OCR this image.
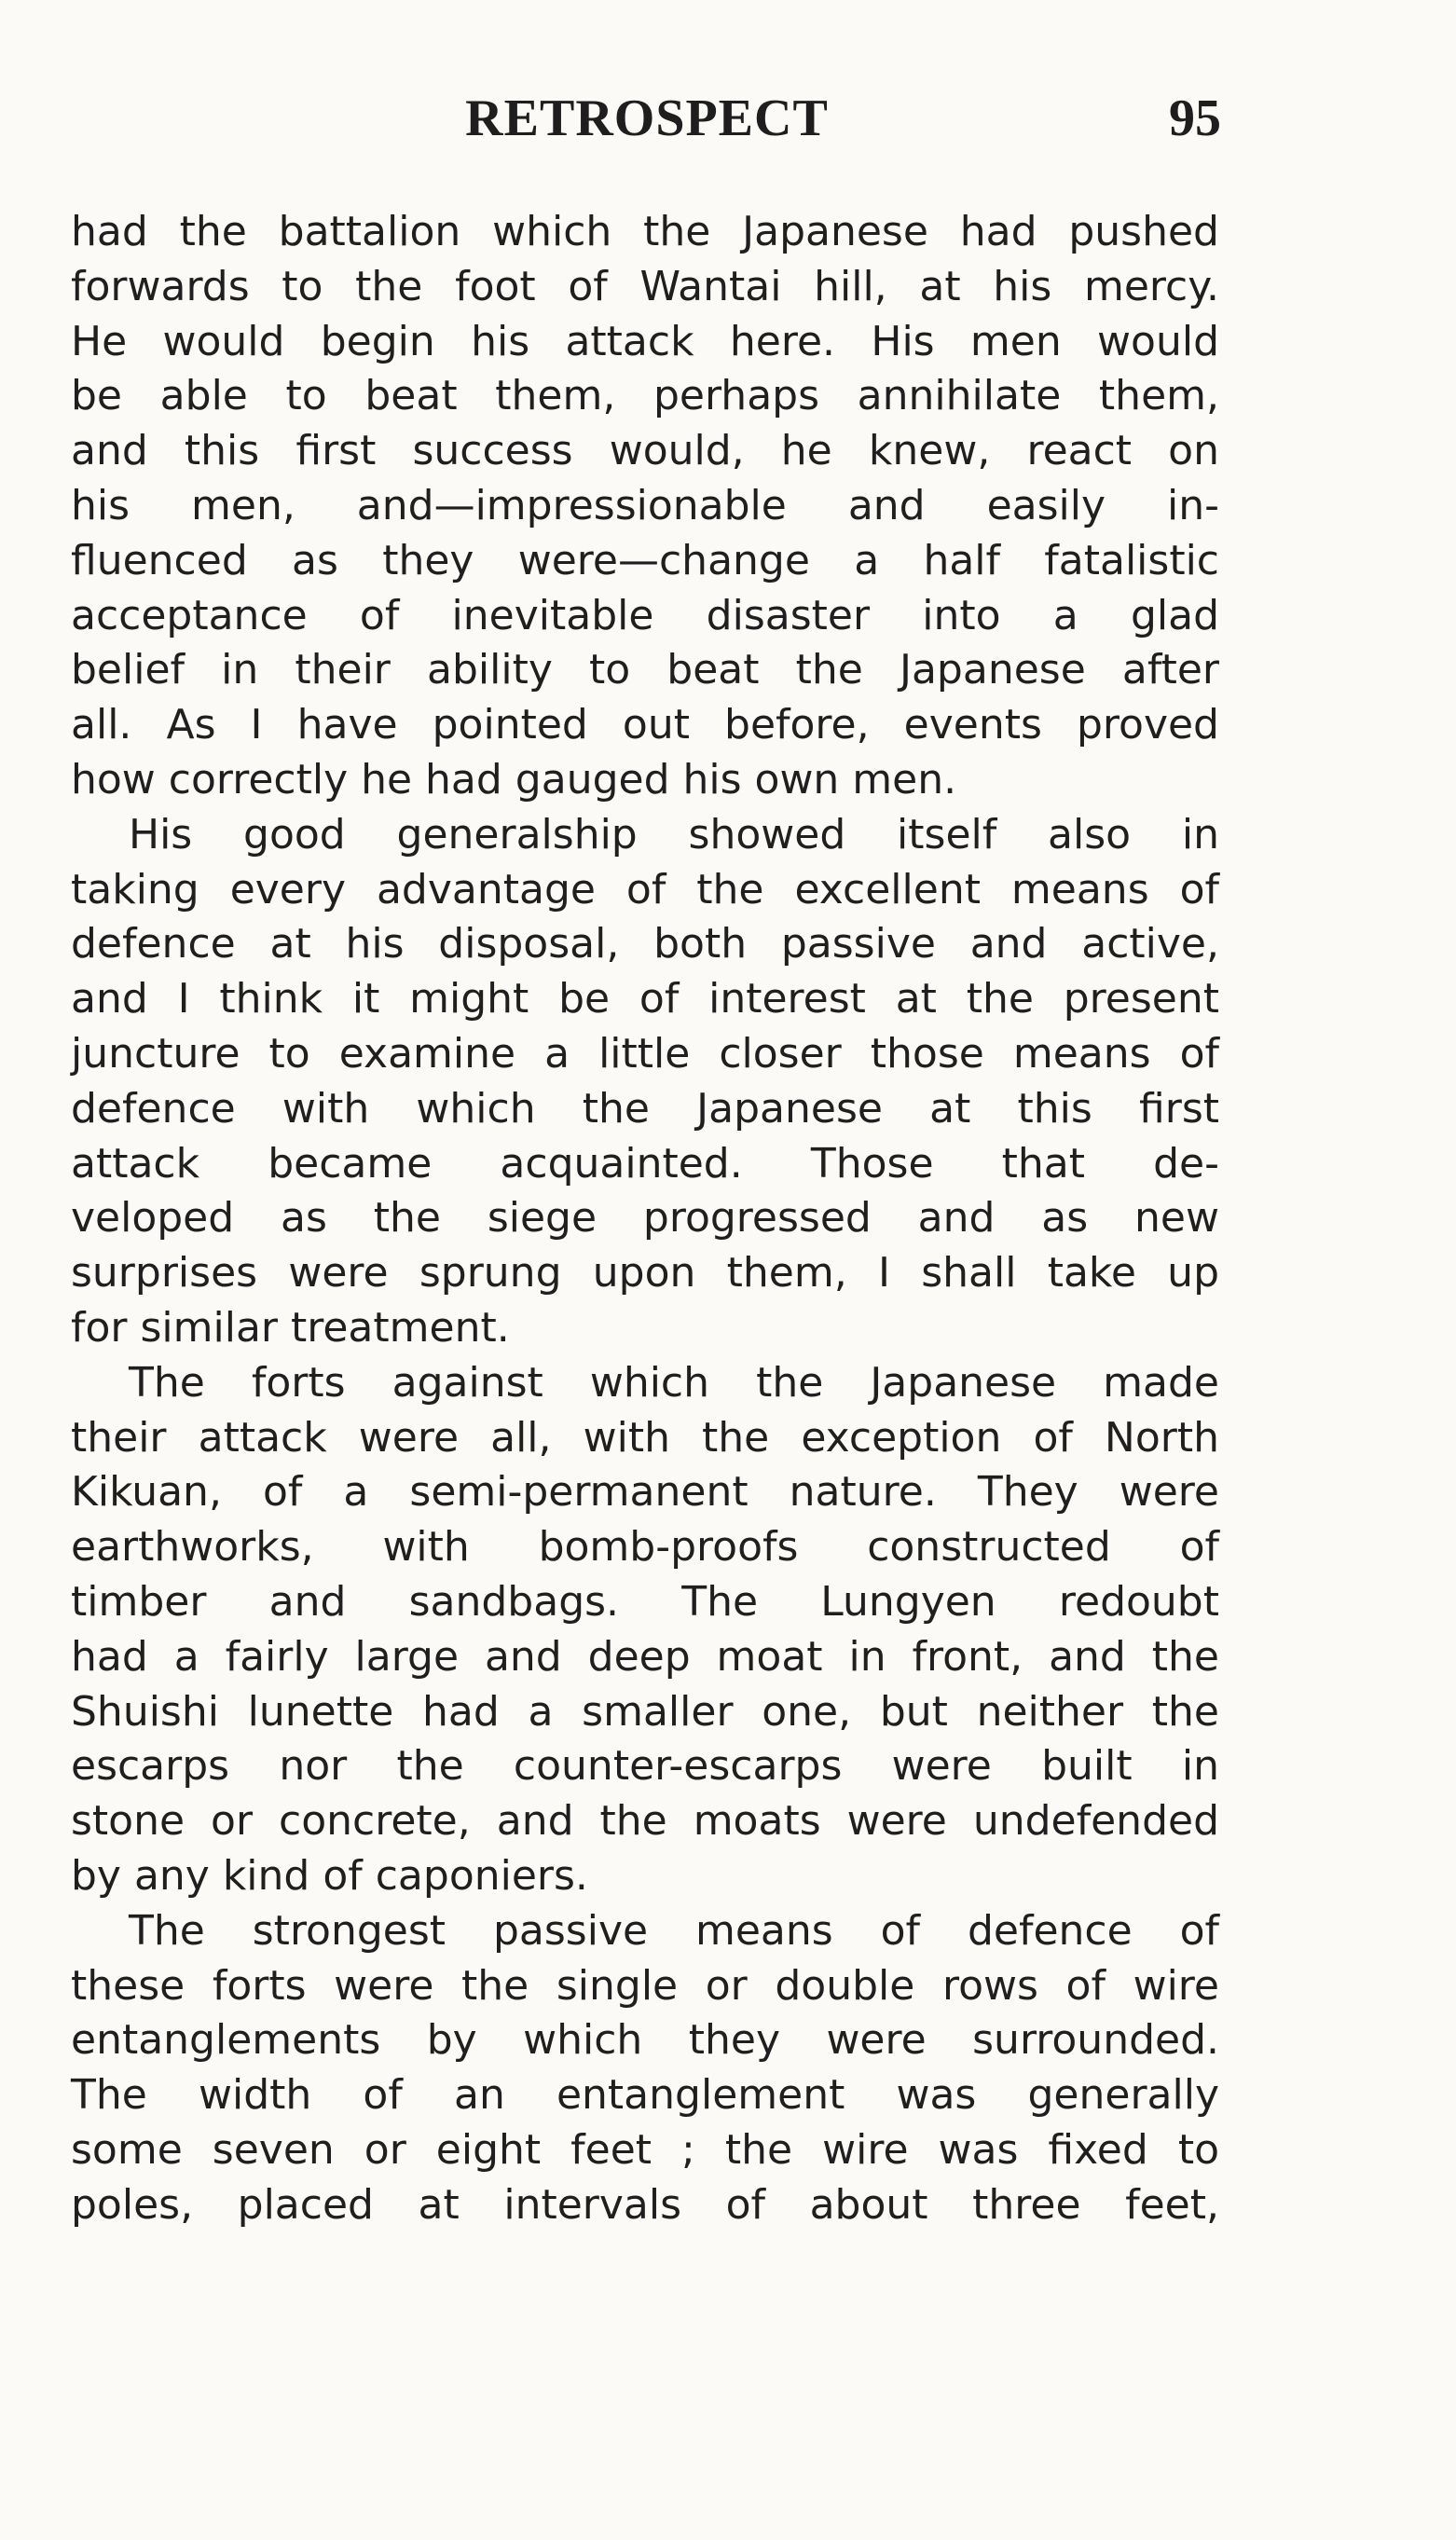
RETROSPECT	95
had the battalion which the Japanese had pushed
forwards to the foot of Wantai hill, at his mercy.
He would begin his attack here. His men would
be able to beat them, perhaps annihilate them,
and this first success would, he knew, react on
his men, and—impressionable and easily in-
fluenced as they were—change a half fatalistic
acceptance of inevitable disaster into a glad
belief in their ability to beat the Japanese after
all. As I have pointed out before, events proved
how correctly he had gauged his own men.
His good generalship showed itself also in
taking every advantage of the excellent means of
defence at his disposal, both passive and active,
and I think it might be of interest at the present
juncture to examine a little closer those means of
defence with which the Japanese at this first
attack became acquainted. Those that de-
veloped as the siege progressed and as new
surprises were sprung upon them, I shall take up
for similar treatment.
The forts against which the Japanese made
their attack were all, with the exception of North
Kikuan, of a semi-permanent nature. They were
earthworks, with bomb-proofs constructed of
timber and sandbags. The Lungyen redoubt
had a fairly large and deep moat in front, and the
Shuishi lunette had a smaller one, but neither the
escarps nor the counter-escarps were built in
stone or concrete, and the moats were undefended
by any kind of caponiers.
The strongest passive means of defence of
these forts were the single or double rows of wire
entanglements by which they were surrounded.
The width of an entanglement was generally
some seven or eight feet ; the wire was fixed to
poles, placed at intervals of about three feet,
